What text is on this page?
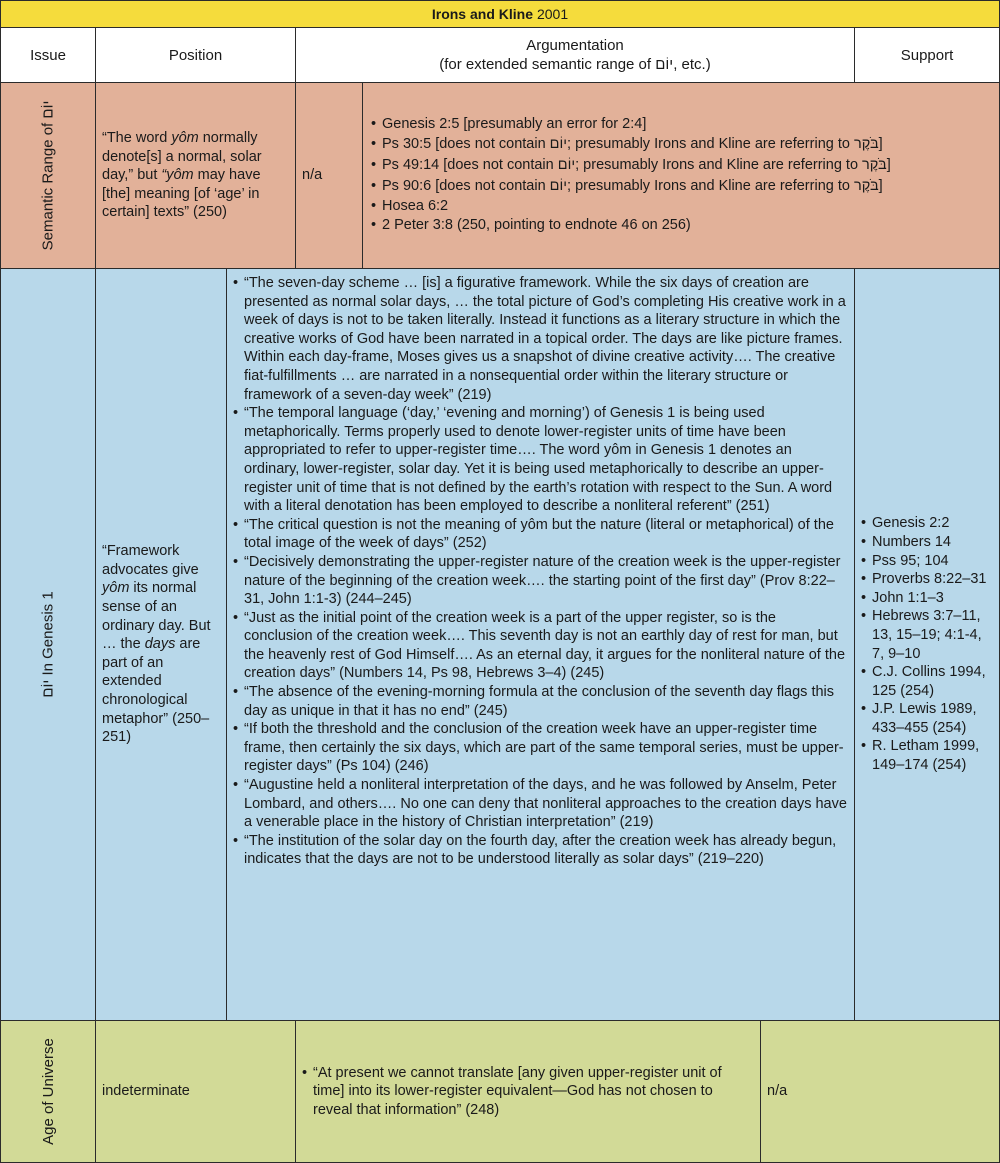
Irons and Kline 2001
Issue	Position
Argumentation
(for extended semantic range of יוֹם, etc.)
Support
Semantic Range of יוֹם
“The word yôm normally denote[s] a normal, solar day,” but “yôm may have [the] meaning [of ‘age’ in certain] texts” (250)
n/a
• Genesis 2:5 [presumably an error for 2:4]
• Ps 30:5 [does not contain יוֹם; presumably Irons and Kline are referring to בֹּקֶר]
• Ps 49:14 [does not contain יוֹם; presumably Irons and Kline are referring to בֹּקֶר]
• Ps 90:6 [does not contain יוֹם; presumably Irons and Kline are referring to בֹּקֶר]
• Hosea 6:2
• 2 Peter 3:8 (250, pointing to endnote 46 on 256)
יוֹם In Genesis 1
“Framework advocates give yôm its normal sense of an ordinary day. But … the days are part of an extended chronological metaphor” (250–251)
• “The seven-day scheme … [is] a figurative framework. While the six days of creation are presented as normal solar days, … the total picture of God’s completing His creative work in a week of days is not to be taken literally. Instead it functions as a literary structure in which the creative works of God have been narrated in a topical order. The days are like picture frames. Within each day-frame, Moses gives us a snapshot of divine creative activity…. The creative fiat-fulfillments … are narrated in a nonsequential order within the literary structure or framework of a seven-day week” (219)
• “The temporal language (‘day,’ ‘evening and morning’) of Genesis 1 is being used metaphorically. Terms properly used to denote lower-register units of time have been appropriated to refer to upper-register time…. The word yôm in Genesis 1 denotes an ordinary, lower-register, solar day. Yet it is being used metaphorically to describe an upper-register unit of time that is not defined by the earth’s rotation with respect to the Sun. A word with a literal denotation has been employed to describe a nonliteral referent” (251)
• “The critical question is not the meaning of yôm but the nature (literal or metaphorical) of the total image of the week of days” (252)
• “Decisively demonstrating the upper-register nature of the creation week is the upper-register nature of the beginning of the creation week…. the starting point of the first day” (Prov 8:22–31, John 1:1-3) (244–245)
• “Just as the initial point of the creation week is a part of the upper register, so is the conclusion of the creation week…. This seventh day is not an earthly day of rest for man, but the heavenly rest of God Himself…. As an eternal day, it argues for the nonliteral nature of the creation days” (Numbers 14, Ps 98, Hebrews 3–4) (245)
• “The absence of the evening-morning formula at the conclusion of the seventh day flags this day as unique in that it has no end” (245)
• “If both the threshold and the conclusion of the creation week have an upper-register time frame, then certainly the six days, which are part of the same temporal series, must be upper-register days” (Ps 104) (246)
• “Augustine held a nonliteral interpretation of the days, and he was followed by Anselm, Peter Lombard, and others…. No one can deny that nonliteral approaches to the creation days have a venerable place in the history of Christian interpretation” (219)
• “The institution of the solar day on the fourth day, after the creation week has already begun, indicates that the days are not to be understood literally as solar days” (219–220)
• Genesis 2:2
• Numbers 14
• Pss 95; 104
• Proverbs 8:22–31
• John 1:1–3
• Hebrews 3:7–11, 13, 15–19; 4:1-4, 7, 9–10
• C.J. Collins 1994, 125 (254)
• J.P. Lewis 1989, 433–455 (254)
• R. Letham 1999, 149–174 (254)
Age of Universe	indeterminate
• “At present we cannot translate [any given upper-register unit of time] into its lower-register equivalent—God has not chosen to reveal that information” (248)
n/a
